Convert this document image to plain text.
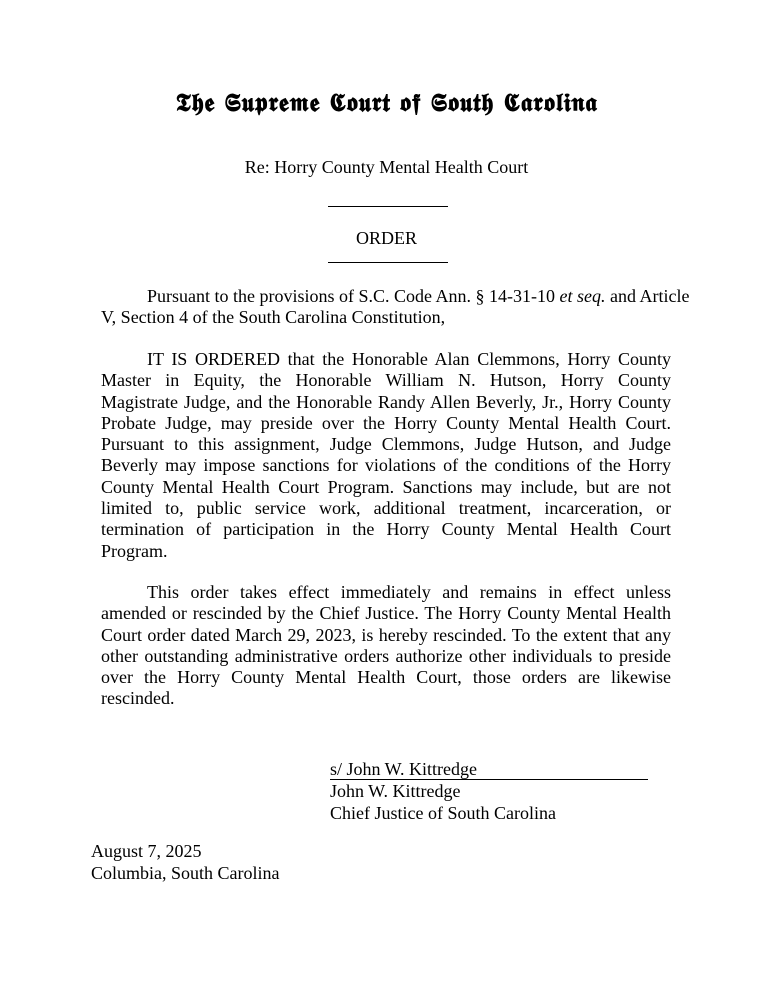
𝕿𝖍𝖊 𝕾𝖚𝖕𝖗𝖊𝖒𝖊 𝕮𝖔𝖚𝖗𝖙 𝖔𝖋 𝕾𝖔𝖚𝖙𝖍 𝕮𝖆𝖗𝖔𝖑𝖎𝖓𝖆
Re: Horry County Mental Health Court
ORDER
Pursuant to the provisions of S.C. Code Ann. § 14-31-10 et seq. and Article
V, Section 4 of the South Carolina Constitution,
IT IS ORDERED that the Honorable Alan Clemmons, Horry County
Master in Equity, the Honorable William N. Hutson, Horry County
Magistrate Judge, and the Honorable Randy Allen Beverly, Jr., Horry County
Probate Judge, may preside over the Horry County Mental Health Court.
Pursuant to this assignment, Judge Clemmons, Judge Hutson, and Judge
Beverly may impose sanctions for violations of the conditions of the Horry
County Mental Health Court Program. Sanctions may include, but are not
limited to, public service work, additional treatment, incarceration, or
termination of participation in the Horry County Mental Health Court
Program.
This order takes effect immediately and remains in effect unless
amended or rescinded by the Chief Justice. The Horry County Mental Health
Court order dated March 29, 2023, is hereby rescinded. To the extent that any
other outstanding administrative orders authorize other individuals to preside
over the Horry County Mental Health Court, those orders are likewise
rescinded.
s/ John W. Kittredge
John W. Kittredge
Chief Justice of South Carolina
August 7, 2025
Columbia, South Carolina
